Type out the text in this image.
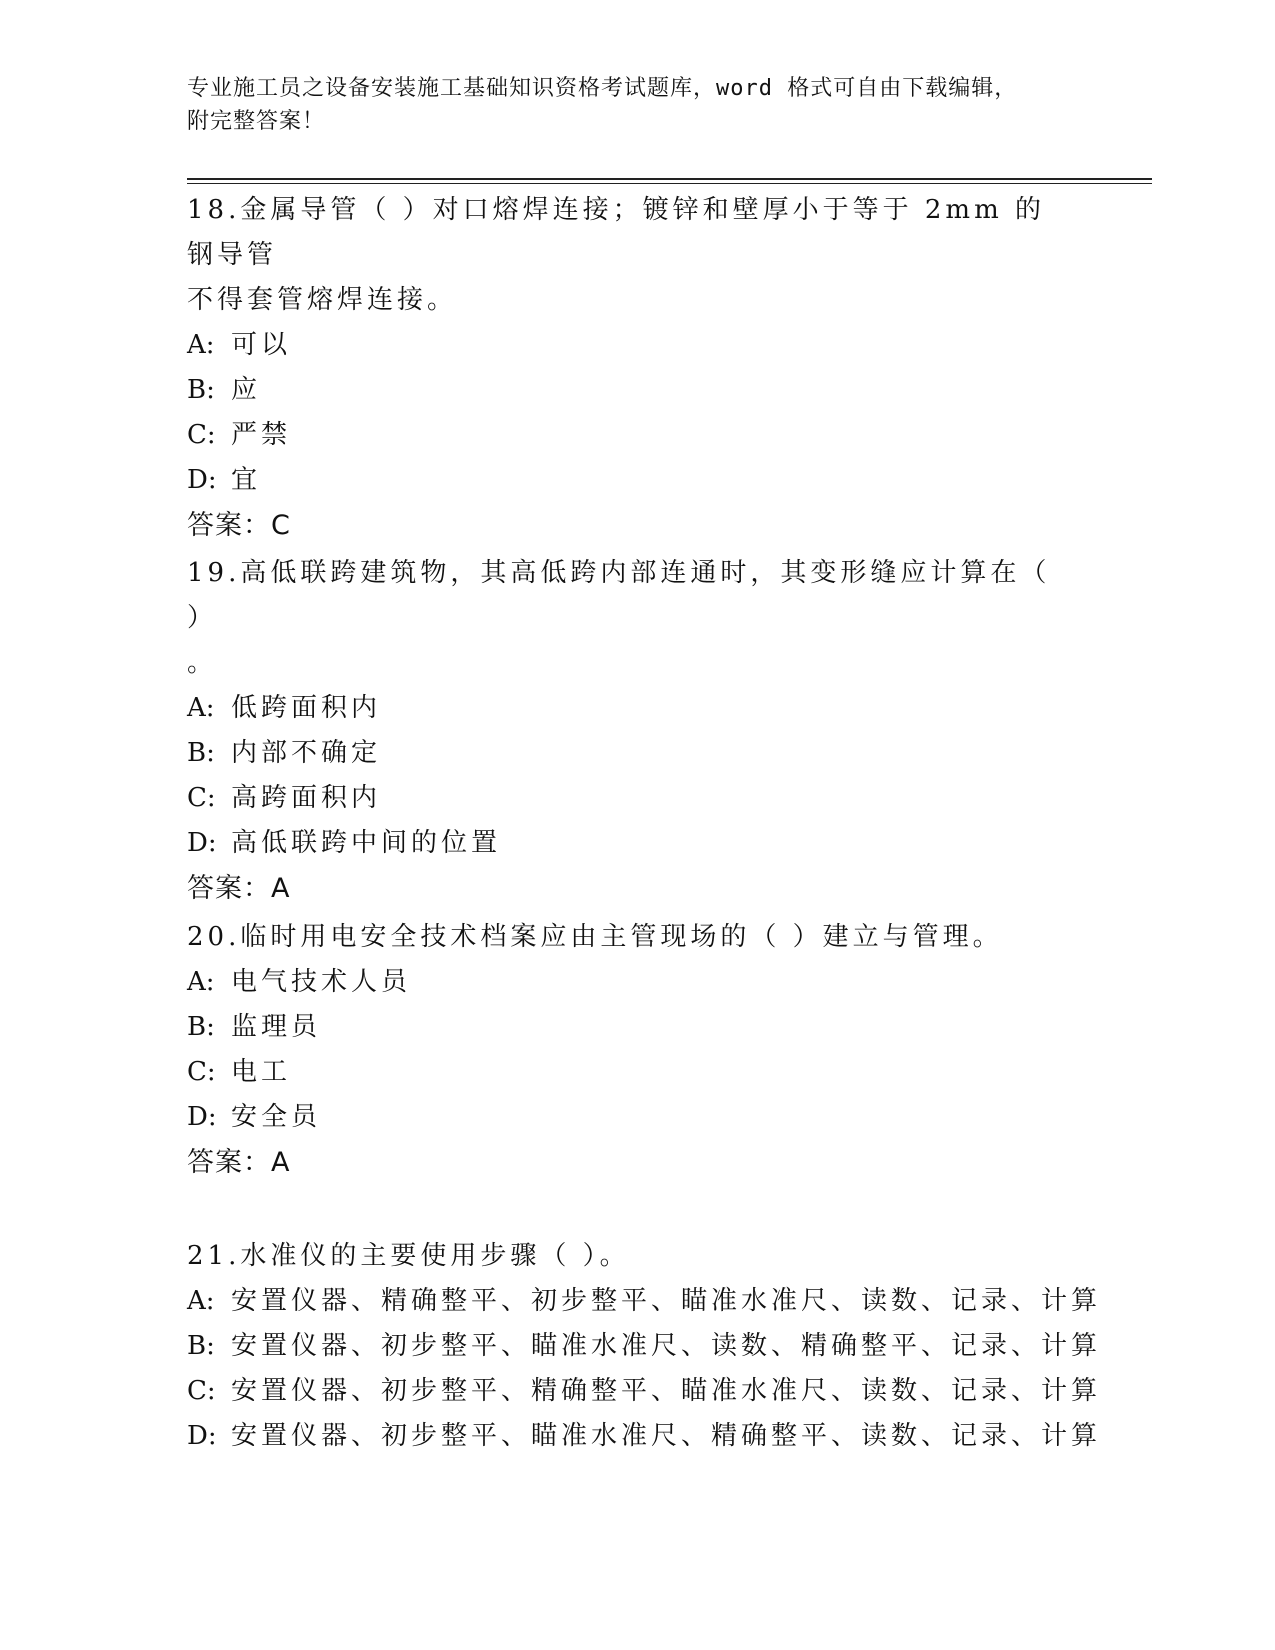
专业施工员之设备安装施工基础知识资格考试题库，word 格式可自由下载编辑，
附完整答案！
18.金属导管（ ）对口熔焊连接；镀锌和壁厚小于等于 2mm 的钢导管
不得套管熔焊连接。
A: 可以
B: 应
C: 严禁
D: 宜
答案：C
19.高低联跨建筑物，其高低跨内部连通时，其变形缝应计算在（ ）
。
A: 低跨面积内
B: 内部不确定
C: 高跨面积内
D: 高低联跨中间的位置
答案：A
20.临时用电安全技术档案应由主管现场的（ ）建立与管理。
A: 电气技术人员
B: 监理员
C: 电工
D: 安全员
答案：A
21.水准仪的主要使用步骤（ ）。
A: 安置仪器、精确整平、初步整平、瞄准水准尺、读数、记录、计算
B: 安置仪器、初步整平、瞄准水准尺、读数、精确整平、记录、计算
C: 安置仪器、初步整平、精确整平、瞄准水准尺、读数、记录、计算
D: 安置仪器、初步整平、瞄准水准尺、精确整平、读数、记录、计算
